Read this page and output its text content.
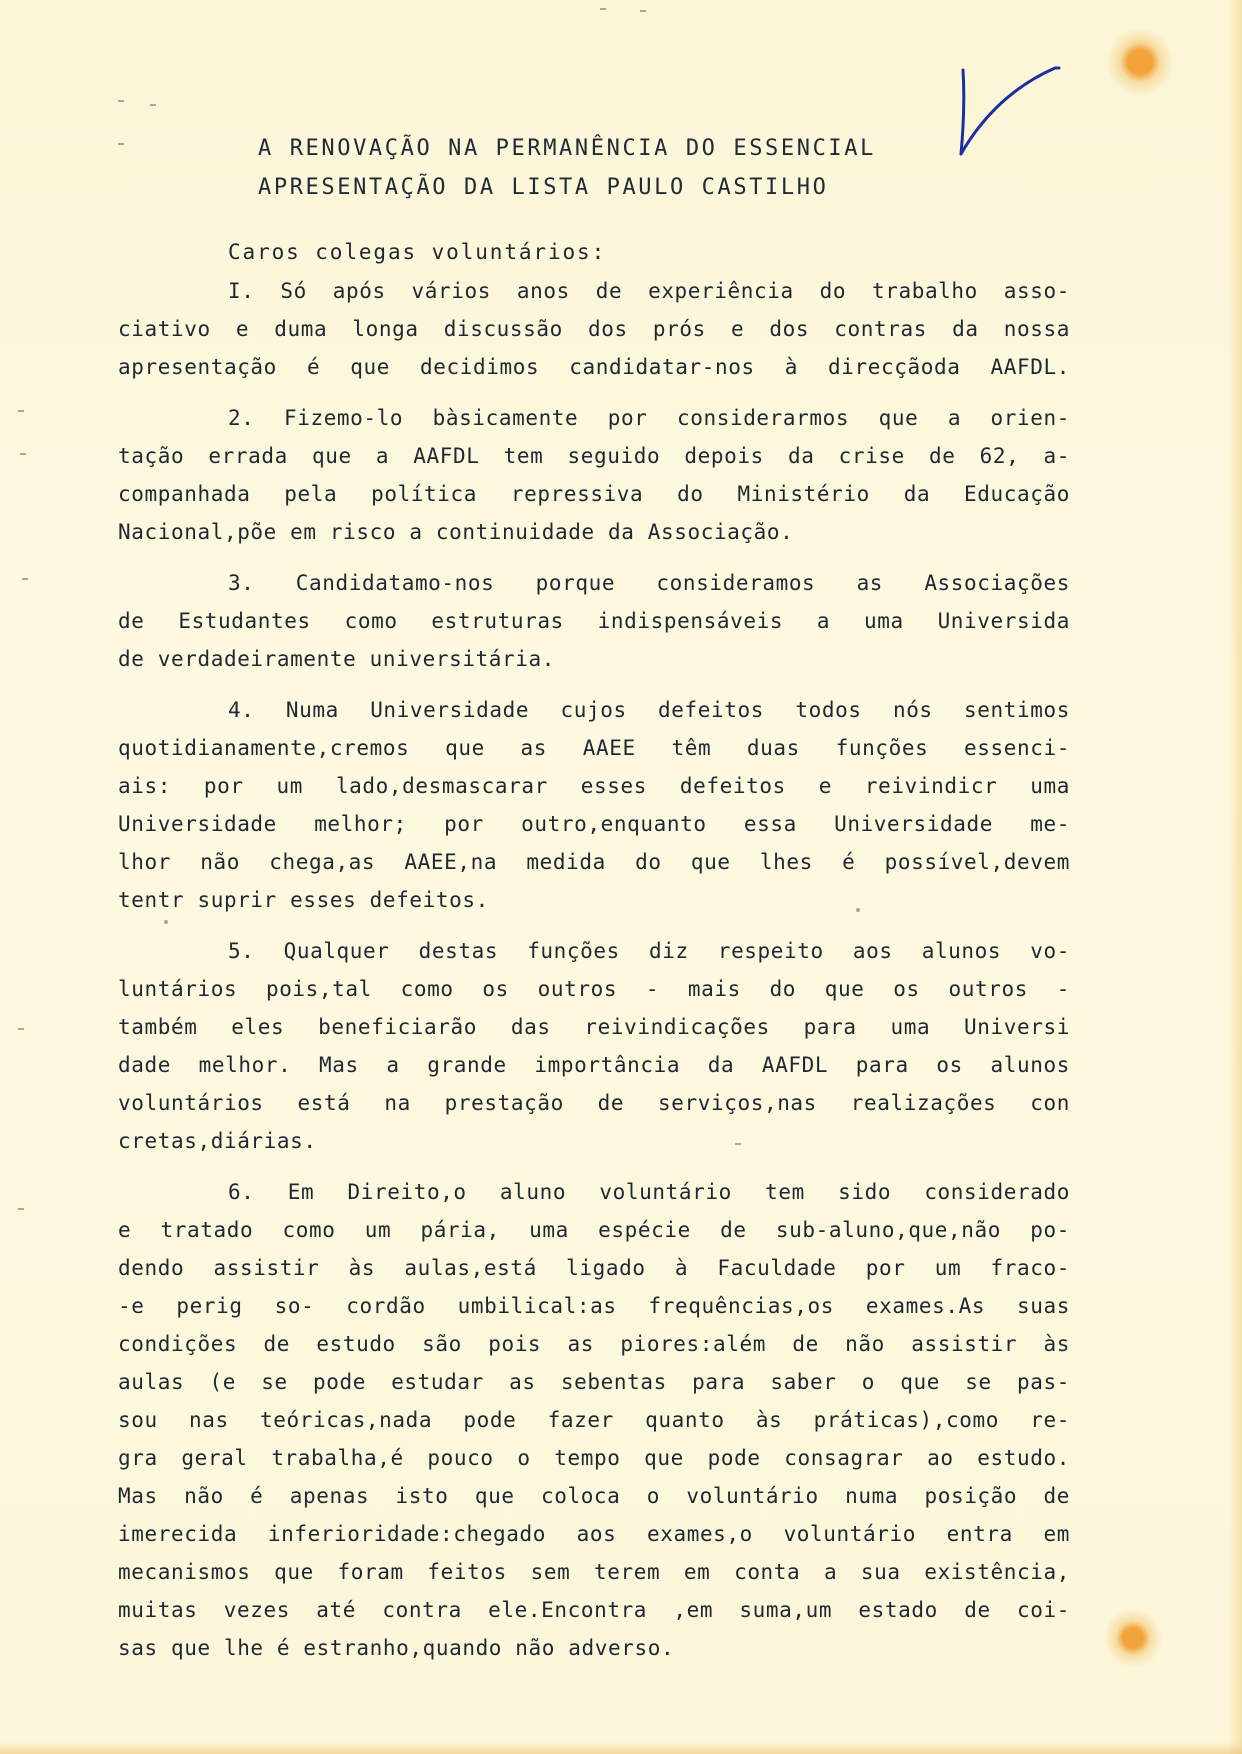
A RENOVAÇÃO NA PERMANÊNCIA DO ESSENCIAL
APRESENTAÇÃO DA LISTA PAULO CASTILHO
Caros colegas voluntários:
I. Só após vários anos de experiência do trabalho asso-
ciativo e duma longa discussão dos prós e dos contras da nossa
apresentação é que decidimos candidatar-nos à direcçãoda AAFDL.
2. Fizemo-lo bàsicamente por considerarmos que a orien-
tação errada que a AAFDL tem seguido depois da crise de 62, a-
companhada pela política repressiva do Ministério da Educação
Nacional,põe em risco a continuidade da Associação.
3. Candidatamo-nos porque consideramos as Associações
de Estudantes como estruturas indispensáveis a uma Universida
de verdadeiramente universitária.
4. Numa Universidade cujos defeitos todos nós sentimos
quotidianamente,cremos que as AAEE têm duas funções essenci-
ais: por um lado,desmascarar esses defeitos e reivindicr uma
Universidade melhor; por outro,enquanto essa Universidade me-
lhor não chega,as AAEE,na medida do que lhes é possível,devem
tentr suprir esses defeitos.
5. Qualquer destas funções diz respeito aos alunos vo-
luntários pois,tal como os outros - mais do que os outros -
também eles beneficiarão das reivindicações para uma Universi
dade melhor. Mas a grande importância da AAFDL para os alunos
voluntários está na prestação de serviços,nas realizações con
cretas,diárias.
6. Em Direito,o aluno voluntário tem sido considerado
e tratado como um pária, uma espécie de sub-aluno,que,não po-
dendo assistir às aulas,está ligado à Faculdade por um fraco-
-e perig so- cordão umbilical:as frequências,os exames.As suas
condições de estudo são pois as piores:além de não assistir às
aulas (e se pode estudar as sebentas para saber o que se pas-
sou nas teóricas,nada pode fazer quanto às práticas),como re-
gra geral trabalha,é pouco o tempo que pode consagrar ao estudo.
Mas não é apenas isto que coloca o voluntário numa posição de
imerecida inferioridade:chegado aos exames,o voluntário entra em
mecanismos que foram feitos sem terem em conta a sua existência,
muitas vezes até contra ele.Encontra ,em suma,um estado de coi-
sas que lhe é estranho,quando não adverso.
